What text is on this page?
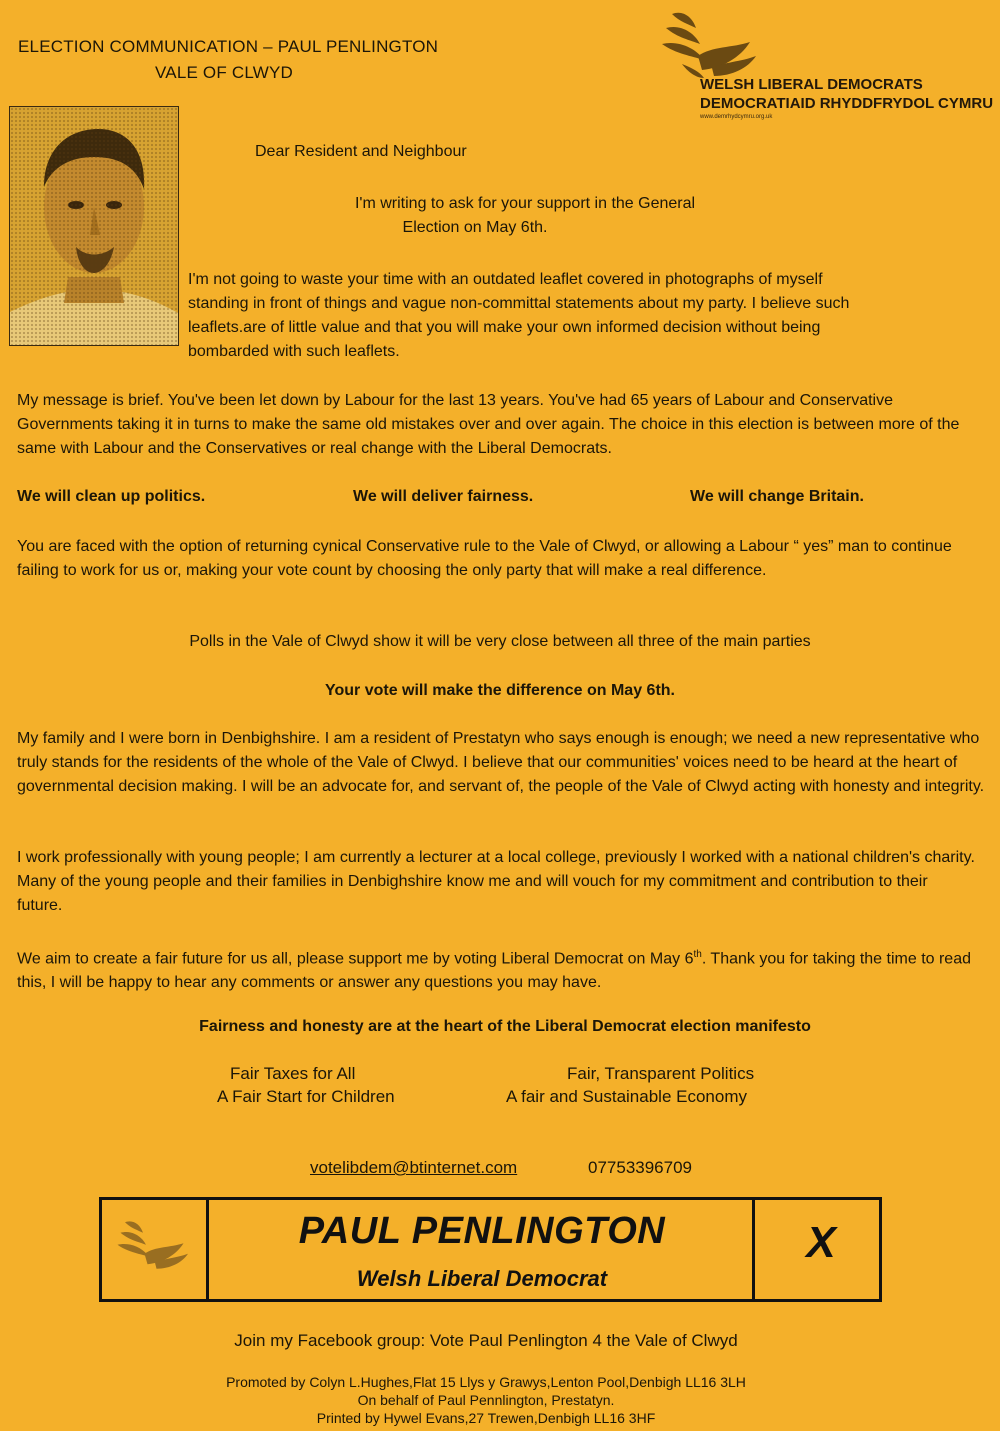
ELECTION COMMUNICATION – PAUL PENLINGTON
VALE OF CLWYD
WELSH LIBERAL DEMOCRATS
DEMOCRATIAID RHYDDFRYDOL CYMRU
www.demrhydcymru.org.uk
Dear Resident and Neighbour
I'm writing to ask for your support in the General
Election on May 6th.
I'm not going to waste your time with an outdated leaflet covered in photographs of myself
standing in front of things and vague non-committal statements about my party. I believe such
leaflets.are of little value and that you will make your own informed decision without being
bombarded with such leaflets.
My message is brief. You've been let down by Labour for the last 13 years. You've had 65 years of Labour and Conservative Governments taking it in turns to make the same old mistakes over and over again. The choice in this election is between more of the same with Labour and the Conservatives or real change with the Liberal Democrats.
We will clean up politics.	We will deliver fairness.	We will change Britain.
You are faced with the option of returning cynical Conservative rule to the Vale of Clwyd, or allowing a Labour “ yes” man to continue failing to work for us or, making your vote count by choosing the only party that will make a real difference.
Polls in the Vale of Clwyd show it will be very close between all three of the main parties
Your vote will make the difference on May 6th.
My family and I were born in Denbighshire. I am a resident of Prestatyn who says enough is enough; we need a new representative who truly stands for the residents of the whole of the Vale of Clwyd. I believe that our communities' voices need to be heard at the heart of governmental decision making. I will be an advocate for, and servant of, the people of the Vale of Clwyd acting with honesty and integrity.
I work professionally with young people; I am currently a lecturer at a local college, previously I worked with a national children's charity. Many of the young people and their families in Denbighshire know me and will vouch for my commitment and contribution to their future.
We aim to create a fair future for us all, please support me by voting Liberal Democrat on May 6th. Thank you for taking the time to read this, I will be happy to hear any comments or answer any questions you may have.
Fairness and honesty are at the heart of the Liberal Democrat election manifesto
Fair Taxes for All	Fair, Transparent Politics
A Fair Start for Children	A fair and Sustainable Economy
votelibdem@btinternet.com	07753396709
PAUL PENLINGTON
Welsh Liberal Democrat
X
Join my Facebook group: Vote Paul Penlington 4 the Vale of Clwyd
Promoted by Colyn L.Hughes,Flat 15 Llys y Grawys,Lenton Pool,Denbigh LL16 3LH
On behalf of Paul Pennlington, Prestatyn.
Printed by Hywel Evans,27 Trewen,Denbigh LL16 3HF
